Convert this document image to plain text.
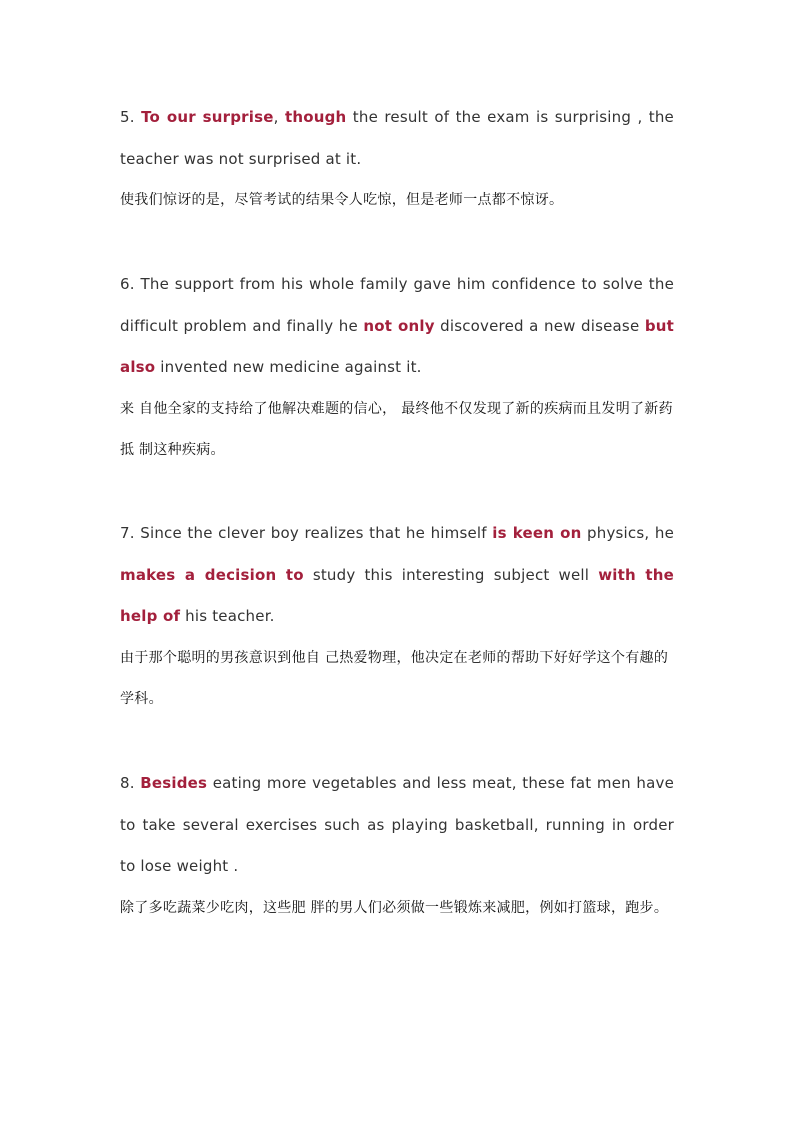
5. To our surprise, though the result of the exam is surprising , the teacher was not surprised at it.

使我们惊讶的是，尽管考试的结果令人吃惊，但是老师一点都不惊讶。

6. The support from his whole family gave him confidence to solve the difficult problem and finally he not only discovered a new disease but also invented new medicine against it.

来 自他全家的支持给了他解决难题的信心， 最终他不仅发现了新的疾病而且发明了新药抵 制这种疾病。

7. Since the clever boy realizes that he himself is keen on physics, he makes a decision to study this interesting subject well with the help of his teacher.

由于那个聪明的男孩意识到他自 己热爱物理，他决定在老师的帮助下好好学这个有趣的学科。

8. Besides eating more vegetables and less meat, these fat men have to take several exercises such as playing basketball, running in order to lose weight .

除了多吃蔬菜少吃肉，这些肥 胖的男人们必须做一些锻炼来减肥，例如打篮球，跑步。
